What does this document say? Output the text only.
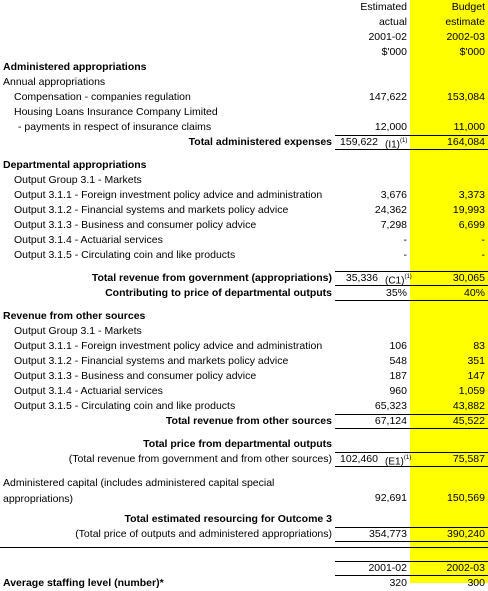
Estimated	Budget
actual	estimate
2001-02	2002-03
$'000	$'000
Administered appropriations
Annual appropriations
Compensation - companies regulation	147,622	153,084
Housing Loans Insurance Company Limited
- payments in respect of insurance claims	12,000	11,000
Total administered expenses 159,622 $(I1)^{(1)}$	164,084
Departmental appropriations
Output Group 3.1 - Markets
Output 3.1.1 - Foreign investment policy advice and administration	3,676	3,373
Output 3.1.2 - Financial systems and markets policy advice	24,362	19,993
Output 3.1.3 - Business and consumer policy advice	7,298	6,699
Output 3.1.4 - Actuarial services	-	-
Output 3.1.5 - Circulating coin and like products	-	-
Total revenue from government (appropriations)	35,336 $(C1)^{(1)}$	30,065
Contributing to price of departmental outputs	35%	40%
Revenue from other sources
Output Group 3.1 - Markets
Output 3.1.1 - Foreign investment policy advice and administration	106	83
Output 3.1.2 - Financial systems and markets policy advice	548	351
Output 3.1.3 - Business and consumer policy advice	187	147
Output 3.1.4 - Actuarial services	960	1,059
Output 3.1.5 - Circulating coin and like products	65,323	43,882
Total revenue from other sources	67,124	45,522
Total price from departmental outputs
(Total revenue from government and from other sources) 102,460 $(E1)^{(1)}$	75,587
Administered capital (includes administered capital special appropriations)	92,691	150,569
Total estimated resourcing for Outcome 3
(Total price of outputs and administered appropriations)	354,773	390,240
2001-02	2002-03
Average staffing level (number)*	320	300
